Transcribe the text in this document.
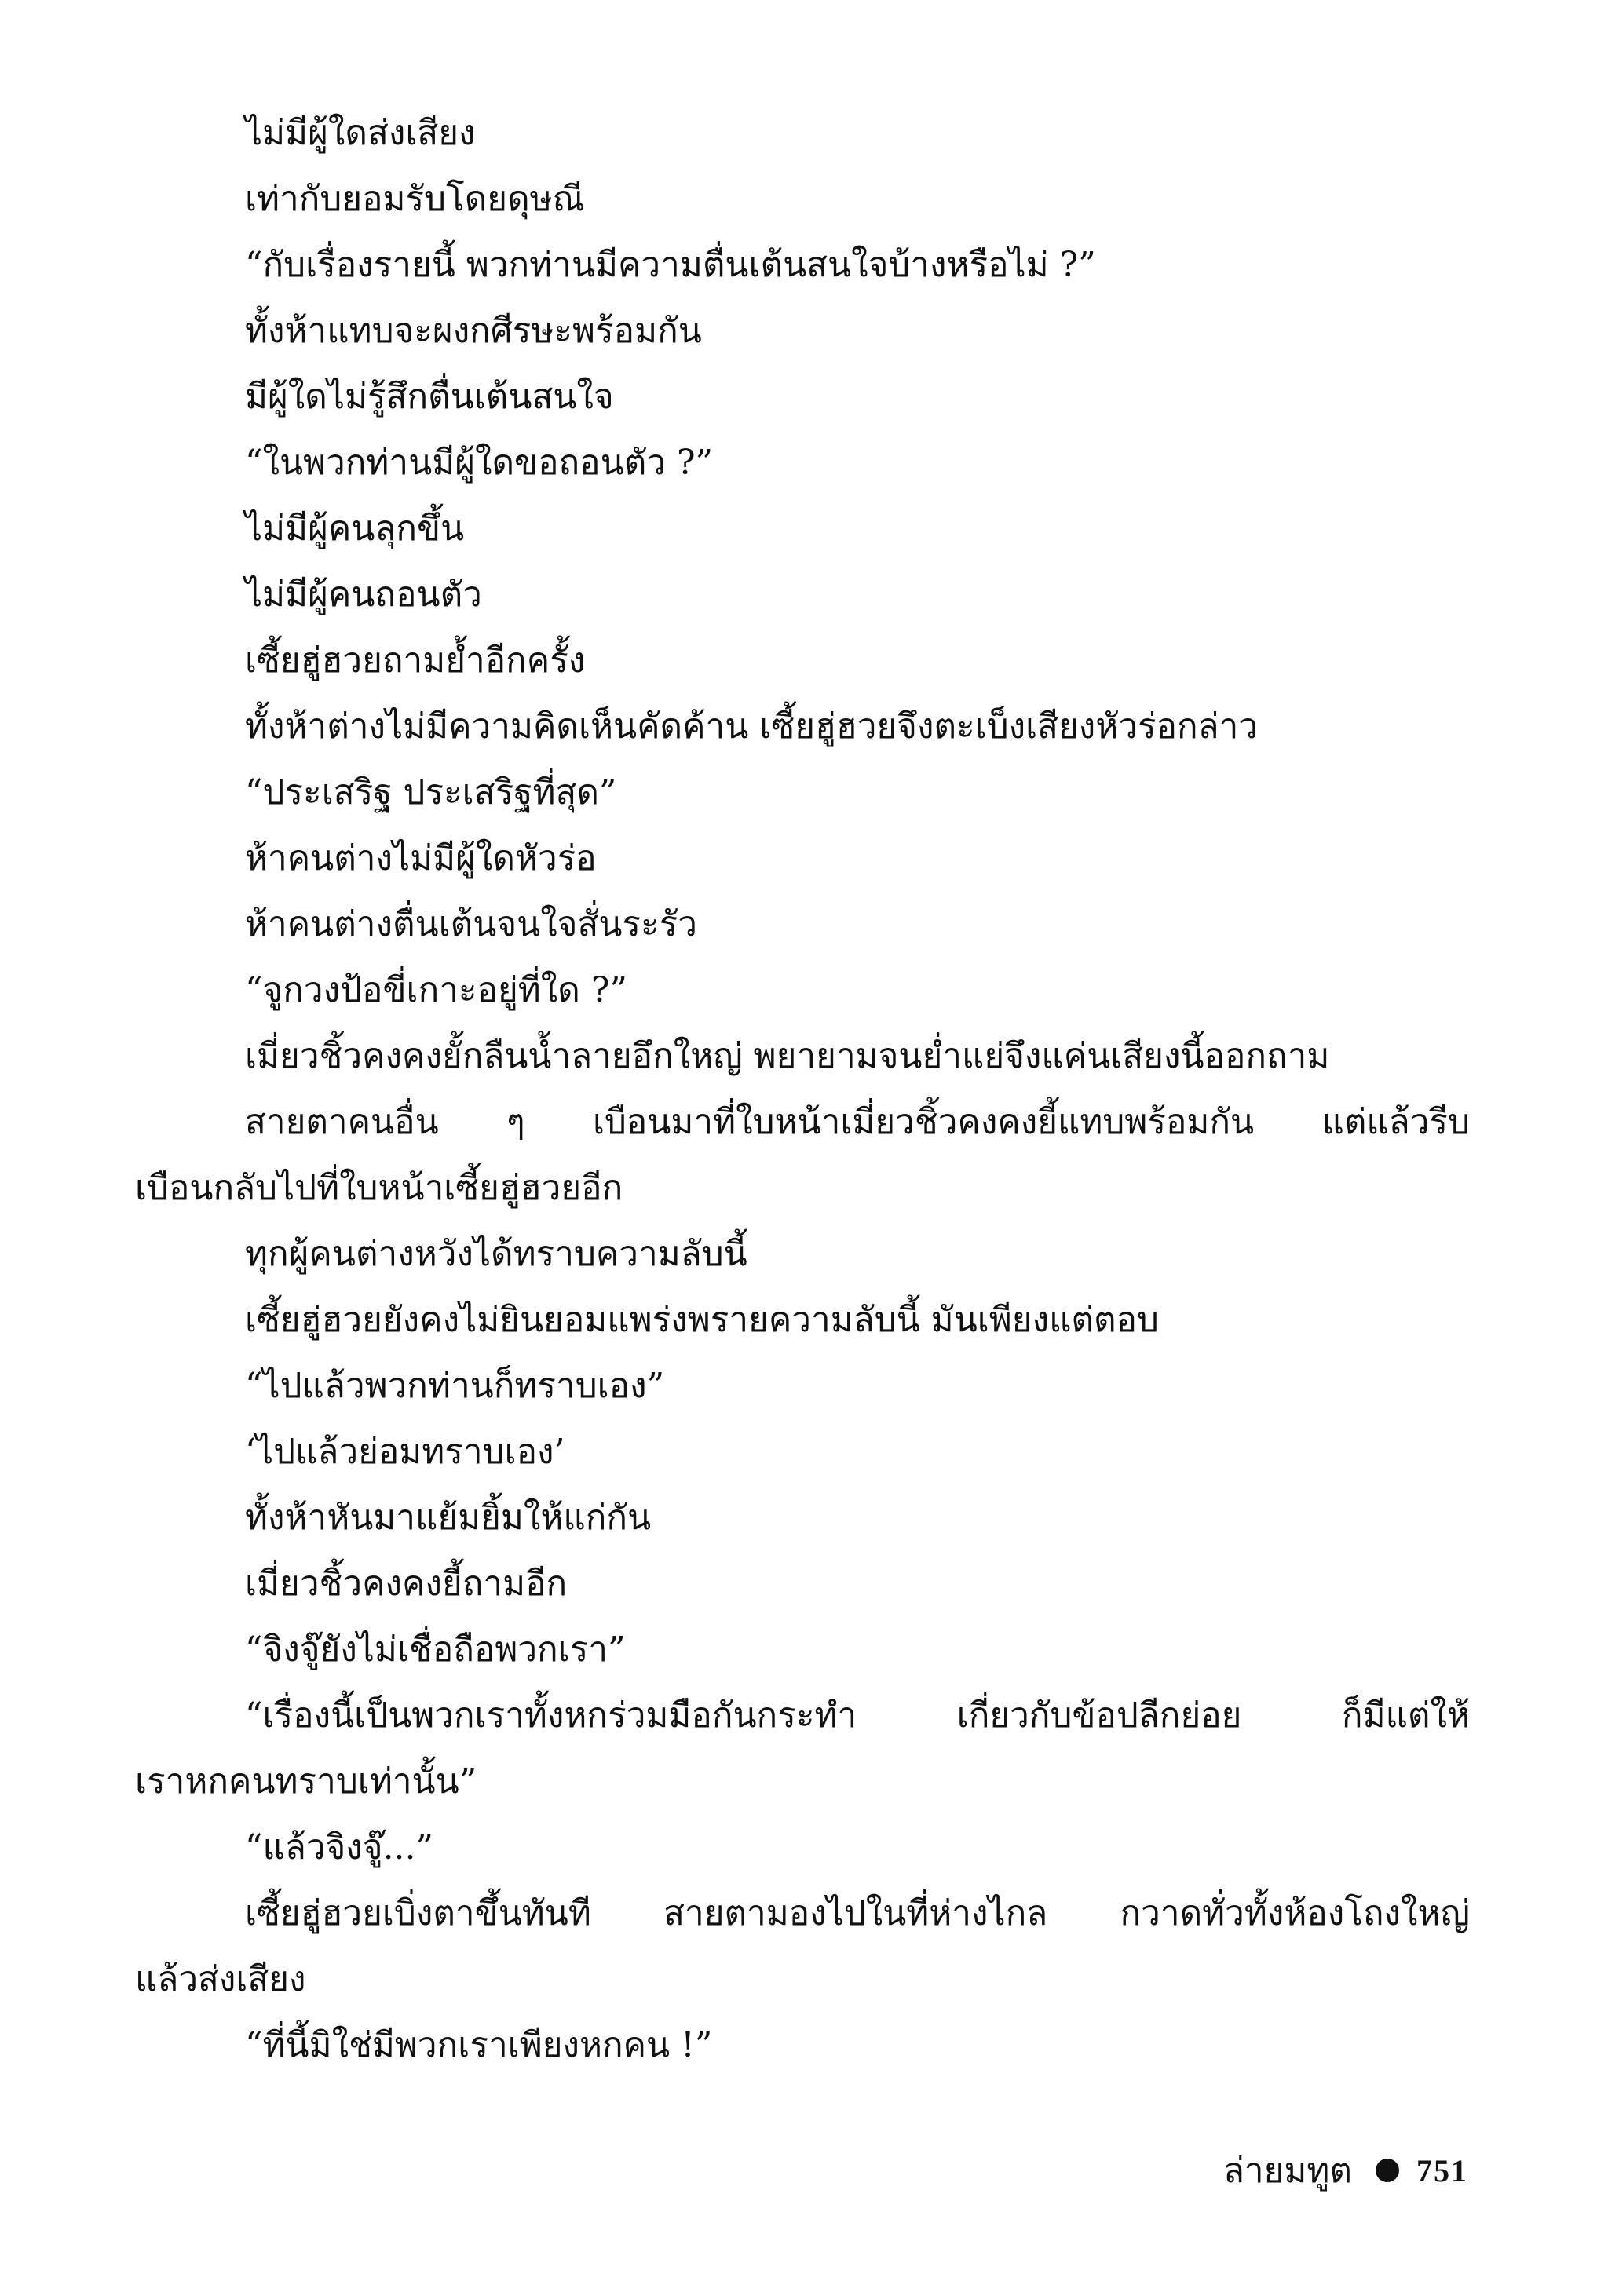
ไม่มีผู้ใดส่งเสียง
เท่ากับยอมรับโดยดุษณี
“กับเรื่องรายนี้ พวกท่านมีความตื่นเต้นสนใจบ้างหรือไม่ ?”
ทั้งห้าแทบจะผงกศีรษะพร้อมกัน
มีผู้ใดไม่รู้สึกตื่นเต้นสนใจ
“ในพวกท่านมีผู้ใดขอถอนตัว ?”
ไม่มีผู้คนลุกขึ้น
ไม่มีผู้คนถอนตัว
เซี้ยฮู่ฮวยถามย้ำอีกครั้ง
ทั้งห้าต่างไม่มีความคิดเห็นคัดค้าน เซี้ยฮู่ฮวยจึงตะเบ็งเสียงหัวร่อกล่าว
“ประเสริฐ ประเสริฐที่สุด”
ห้าคนต่างไม่มีผู้ใดหัวร่อ
ห้าคนต่างตื่นเต้นจนใจสั่นระรัว
“จูกวงป้อขี่เกาะอยู่ที่ใด ?”
เมี่ยวชิ้วคงคงยั้กลืนน้ำลายอึกใหญ่ พยายามจนย่ำแย่จึงแค่นเสียงนี้ออกถาม
สายตาคนอื่น ๆ เบือนมาที่ใบหน้าเมี่ยวชิ้วคงคงยี้แทบพร้อมกัน แต่แล้วรีบ
เบือนกลับไปที่ใบหน้าเซี้ยฮู่ฮวยอีก
ทุกผู้คนต่างหวังได้ทราบความลับนี้
เซี้ยฮู่ฮวยยังคงไม่ยินยอมแพร่งพรายความลับนี้ มันเพียงแต่ตอบ
“ไปแล้วพวกท่านก็ทราบเอง”
‘ไปแล้วย่อมทราบเอง’
ทั้งห้าหันมาแย้มยิ้มให้แก่กัน
เมี่ยวชิ้วคงคงยี้ถามอีก
“จิงจู๊ยังไม่เชื่อถือพวกเรา”
“เรื่องนี้เป็นพวกเราทั้งหกร่วมมือกันกระทำ เกี่ยวกับข้อปลีกย่อย ก็มีแต่ให้
เราหกคนทราบเท่านั้น”
“แล้วจิงจู๊...”
เซี้ยฮู่ฮวยเบิ่งตาขึ้นทันที สายตามองไปในที่ห่างไกล กวาดทั่วทั้งห้องโถงใหญ่
แล้วส่งเสียง
“ที่นี้มิใช่มีพวกเราเพียงหกคน !”
ล่ายมทูต 751
